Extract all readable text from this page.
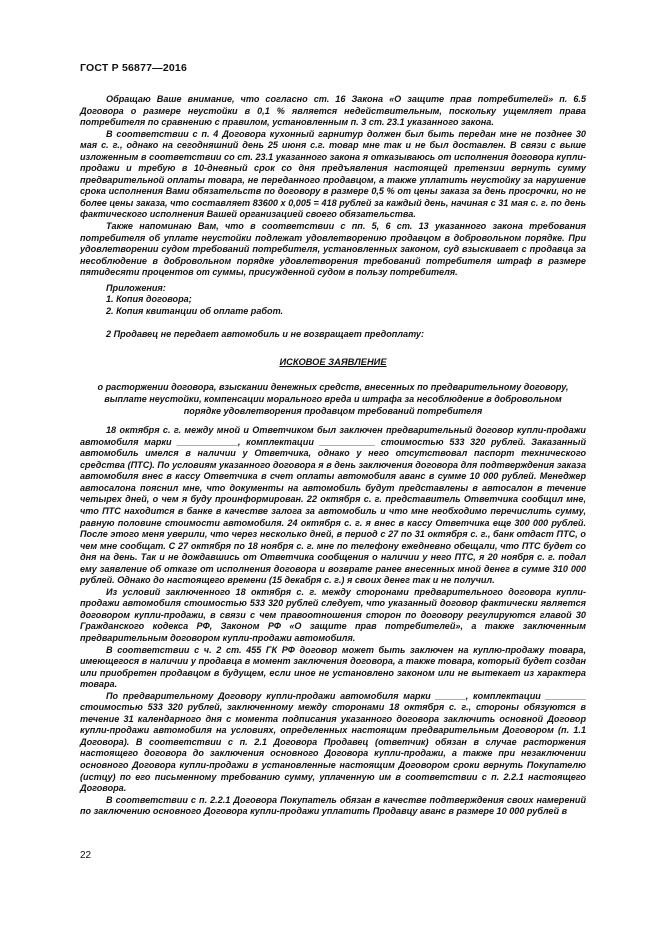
ГОСТ Р 56877—2016

Обращаю Ваше внимание, что согласно ст. 16 Закона «О защите прав потребителей» п. 6.5 Договора о размере неустойки в 0,1 % является недействительным, поскольку ущемляет права потребителя по сравнению с правилом, установленным п. 3 ст. 23.1 указанного закона.

В соответствии с п. 4 Договора кухонный гарнитур должен был быть передан мне не позднее 30 мая с. г., однако на сегодняшний день 25 июня с.г. товар мне так и не был доставлен. В связи с выше изложенным в соответствии со ст. 23.1 указанного закона я отказываюсь от исполнения договора купли-продажи и требую в 10-дневный срок со дня предъявления настоящей претензии вернуть сумму предварительной оплаты товара, не переданного продавцом, а также уплатить неустойку за нарушение срока исполнения Вами обязательств по договору в размере 0,5 % от цены заказа за день просрочки, но не более цены заказа, что составляет 83600 х 0,005 = 418 рублей за каждый день, начиная с 31 мая с. г. по день фактического исполнения Вашей организацией своего обязательства.

Также напоминаю Вам, что в соответствии с пп. 5, 6 ст. 13 указанного закона требования потребителя об уплате неустойки подлежат удовлетворению продавцом в добровольном порядке. При удовлетворении судом требований потребителя, установленных законом, суд взыскивает с продавца за несоблюдение в добровольном порядке удовлетворения требований потребителя штраф в размере пятидесяти процентов от суммы, присужденной судом в пользу потребителя.

Приложения:

1. Копия договора;

2. Копия квитанции об оплате работ.

2 Продавец не передает автомобиль и не возвращает предоплату:

ИСКОВОЕ ЗАЯВЛЕНИЕ

о расторжении договора, взыскании денежных средств, внесенных по предварительному договору, выплате неустойки, компенсации морального вреда и штрафа за несоблюдение в добровольном порядке удовлетворения продавцом требований потребителя

18 октября с. г. между мной и Ответчиком был заключен предварительный договор купли-продажи автомобиля марки ____________, комплектации ___________ стоимостью 533 320 рублей. Заказанный автомобиль имелся в наличии у Ответчика, однако у него отсутствовал паспорт технического средства (ПТС). По условиям указанного договора я в день заключения договора для подтверждения заказа автомобиля внес в кассу Ответчика в счет оплаты автомобиля аванс в сумме 10 000 рублей. Менеджер автосалона пояснил мне, что документы на автомобиль будут представлены в автосалон в течение четырех дней, о чем я буду проинформирован. 22 октября с. г. представитель Ответчика сообщил мне, что ПТС находится в банке в качестве залога за автомобиль и что мне необходимо перечислить сумму, равную половине стоимости автомобиля. 24 октября с. г. я внес в кассу Ответчика еще 300 000 рублей. После этого меня уверили, что через несколько дней, в период с 27 по 31 октября с. г., банк отдаст ПТС, о чем мне сообщат. С 27 октября по 18 ноября с. г. мне по телефону ежедневно обещали, что ПТС будет со дня на день. Так и не дождавшись от Ответчика сообщения о наличии у него ПТС, я 20 ноября с. г. подал ему заявление об отказе от исполнения договора и возврате ранее внесенных мной денег в сумме 310 000 рублей. Однако до настоящего времени (15 декабря с. г.) я своих денег так и не получил.

Из условий заключенного 18 октября с. г. между сторонами предварительного договора купли-продажи автомобиля стоимостью 533 320 рублей следует, что указанный договор фактически является договором купли-продажи, в связи с чем правоотношения сторон по договору регулируются главой 30 Гражданского кодекса РФ, Законом РФ «О защите прав потребителей», а также заключенным предварительным договором купли-продажи автомобиля.

В соответствии с ч. 2 ст. 455 ГК РФ договор может быть заключен на куплю-продажу товара, имеющегося в наличии у продавца в момент заключения договора, а также товара, который будет создан или приобретен продавцом в будущем, если иное не установлено законом или не вытекает из характера товара.

По предварительному Договору купли-продажи автомобиля марки ______, комплектации ________ стоимостью 533 320 рублей, заключенному между сторонами 18 октября с. г., стороны обязуются в течение 31 календарного дня с момента подписания указанного договора заключить основной Договор купли-продажи автомобиля на условиях, определенных настоящим предварительным Договором (п. 1.1 Договора). В соответствии с п. 2.1 Договора Продавец (ответчик) обязан в случае расторжения настоящего договора до заключения основного Договора купли-продажи, а также при незаключении основного Договора купли-продажи в установленные настоящим Договором сроки вернуть Покупателю (истцу) по его письменному требованию сумму, уплаченную им в соответствии с п. 2.2.1 настоящего Договора.

В соответствии с п. 2.2.1 Договора Покупатель обязан в качестве подтверждения своих намерений по заключению основного Договора купли-продажи уплатить Продавцу аванс в размере 10 000 рублей в

22
